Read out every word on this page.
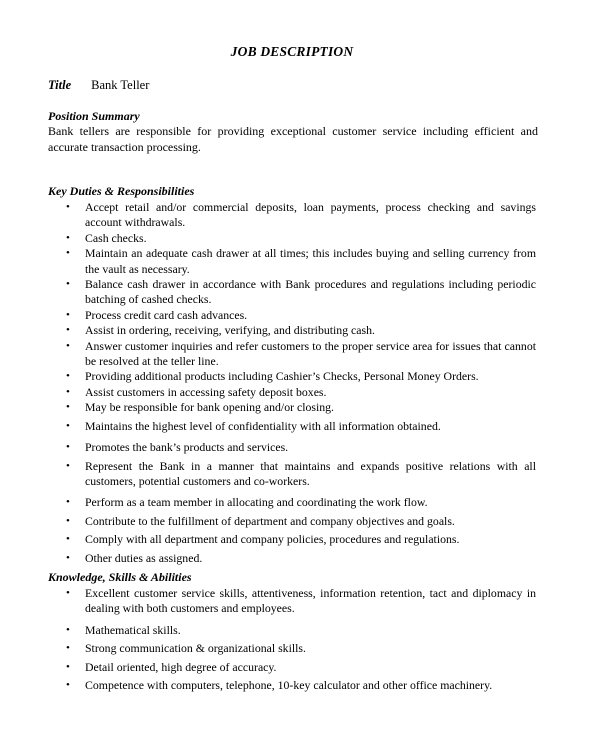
JOB DESCRIPTION
Title Bank Teller
Position Summary
Bank tellers are responsible for providing exceptional customer service including efficient and accurate transaction processing.
Key Duties & Responsibilities
• Accept retail and/or commercial deposits, loan payments, process checking and savings account withdrawals.
• Cash checks.
• Maintain an adequate cash drawer at all times; this includes buying and selling currency from the vault as necessary.
• Balance cash drawer in accordance with Bank procedures and regulations including periodic batching of cashed checks.
• Process credit card cash advances.
• Assist in ordering, receiving, verifying, and distributing cash.
• Answer customer inquiries and refer customers to the proper service area for issues that cannot be resolved at the teller line.
• Providing additional products including Cashier’s Checks, Personal Money Orders.
• Assist customers in accessing safety deposit boxes.
• May be responsible for bank opening and/or closing.
• Maintains the highest level of confidentiality with all information obtained.
• Promotes the bank’s products and services.
• Represent the Bank in a manner that maintains and expands positive relations with all customers, potential customers and co-workers.
• Perform as a team member in allocating and coordinating the work flow.
• Contribute to the fulfillment of department and company objectives and goals.
• Comply with all department and company policies, procedures and regulations.
• Other duties as assigned.
Knowledge, Skills & Abilities
• Excellent customer service skills, attentiveness, information retention, tact and diplomacy in dealing with both customers and employees.
• Mathematical skills.
• Strong communication & organizational skills.
• Detail oriented, high degree of accuracy.
• Competence with computers, telephone, 10-key calculator and other office machinery.
